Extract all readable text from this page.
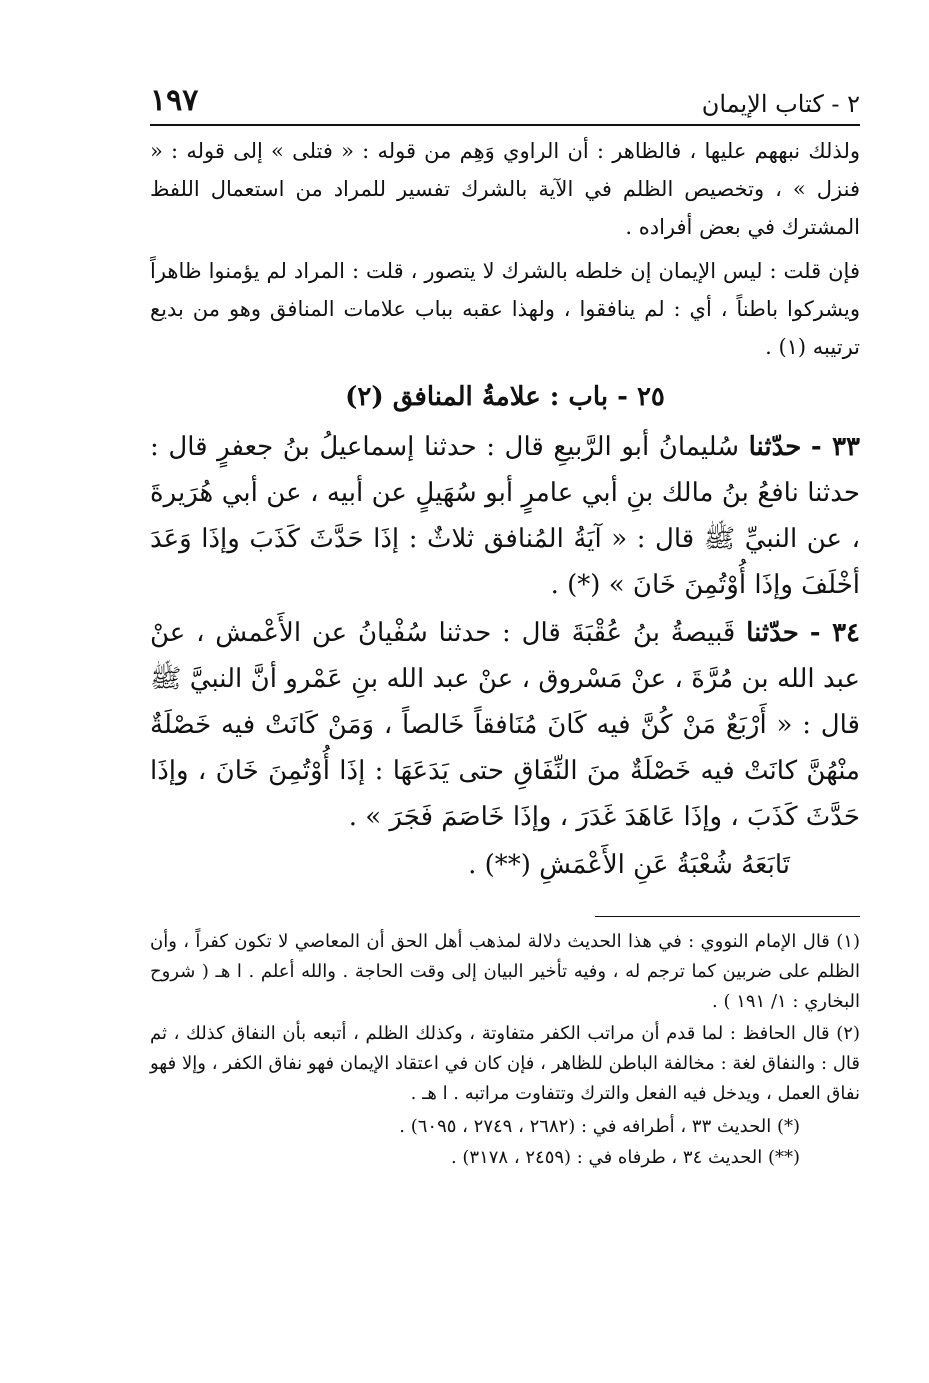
٢ - كتاب الإيمان
١٩٧

ولذلك نبههم عليها ، فالظاهر : أن الراوي وَهِم من قوله : « فتلى » إلى قوله : « فنزل » ، وتخصيص الظلم في الآية بالشرك تفسير للمراد من استعمال اللفظ المشترك في بعض أفراده .

فإن قلت : ليس الإيمان إن خلطه بالشرك لا يتصور ، قلت : المراد لم يؤمنوا ظاهراً ويشركوا باطناً ، أي : لم ينافقوا ، ولهذا عقبه بباب علامات المنافق وهو من بديع ترتيبه (١) .

٢٥ - باب : علامةُ المنافق (٢)
٣٣ - حدّثنا سُليمانُ أبو الرَّبيعِ قال : حدثنا إسماعيلُ بنُ جعفرٍ قال : حدثنا نافعُ بنُ مالك بنِ أبي عامرٍ أبو سُهَيلٍ عن أبيه ، عن أبي هُرَيرةَ ، عن النبيِّ ﷺ قال : « آيَةُ المُنافق ثلاثٌ : إذَا حَدَّثَ كَذَبَ وإذَا وَعَدَ أخْلَفَ وإذَا أُوْتُمِنَ خَانَ » (*) .
٣٤ - حدّثنا قَبيصةُ بنُ عُقْبَةَ قال : حدثنا سُفْيانُ عن الأَعْمش ، عنْ عبد الله بن مُرَّةَ ، عنْ مَسْروق ، عنْ عبد الله بنِ عَمْرو أنَّ النبيَّ ﷺ قال : « أَرْبَعٌ مَنْ كُنَّ فيه كَانَ مُنَافقاً خَالصاً ، وَمَنْ كَانَتْ فيه خَصْلَةٌ منْهُنَّ كانَتْ فيه خَصْلَةٌ منَ النِّفَاقِ حتى يَدَعَهَا : إذَا أُوْتُمِنَ خَانَ ، وإذَا حَدَّثَ كَذَبَ ، وإذَا عَاهَدَ غَدَرَ ، وإذَا خَاصَمَ فَجَرَ » .
تَابَعَهُ شُعْبَةُ عَنِ الأَعْمَشِ (**) .

(١) قال الإمام النووي : في هذا الحديث دلالة لمذهب أهل الحق أن المعاصي لا تكون كفراً ، وأن الظلم على ضربين كما ترجم له ، وفيه تأخير البيان إلى وقت الحاجة . والله أعلم . ا هـ ( شروح البخاري : ١/ ١٩١ ) .

(٢) قال الحافظ : لما قدم أن مراتب الكفر متفاوتة ، وكذلك الظلم ، أتبعه بأن النفاق كذلك ، ثم قال : والنفاق لغة : مخالفة الباطن للظاهر ، فإن كان في اعتقاد الإيمان فهو نفاق الكفر ، وإلا فهو نفاق العمل ، ويدخل فيه الفعل والترك وتتفاوت مراتبه . ا هـ .

(*) الحديث ٣٣ ، أطرافه في : (٢٦٨٢ ، ٢٧٤٩ ، ٦٠٩٥) .
(**) الحديث ٣٤ ، طرفاه في : (٢٤٥٩ ، ٣١٧٨) .
